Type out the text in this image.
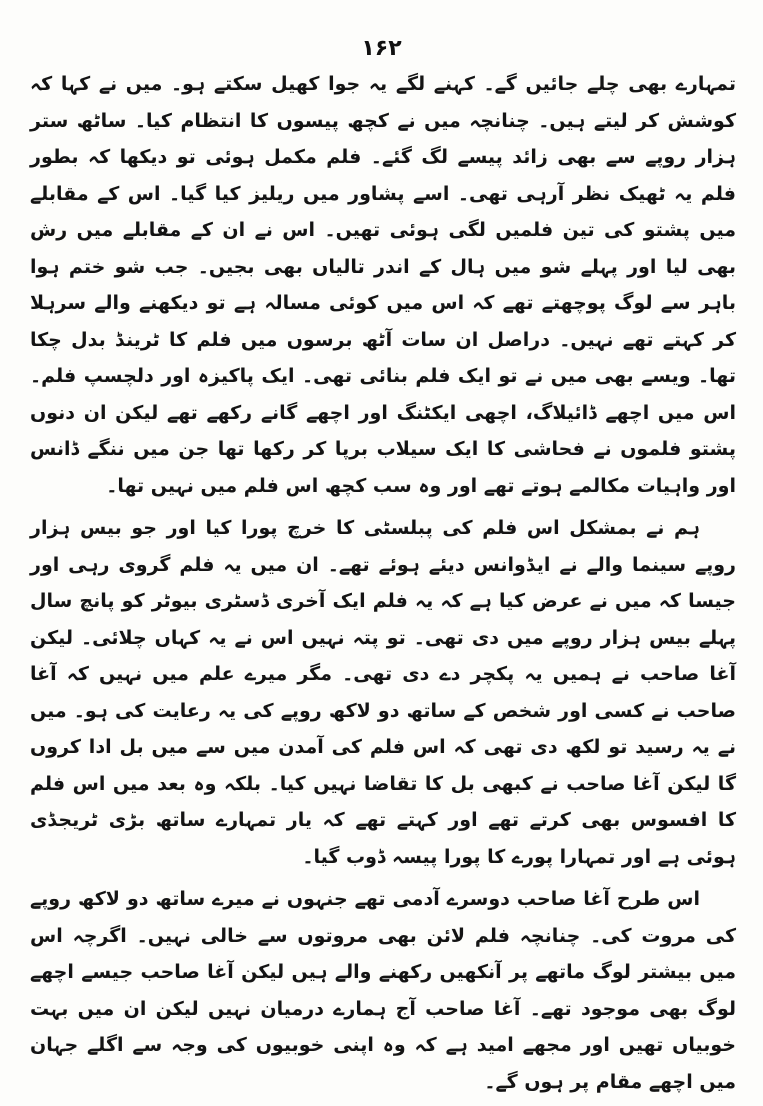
۱۶۲

تمہارے بھی چلے جائیں گے۔ کہنے لگے یہ جوا کھیل سکتے ہو۔ میں نے کہا کہ کوشش کر لیتے ہیں۔ چنانچہ میں نے کچھ پیسوں کا انتظام کیا۔ ساٹھ ستر ہزار روپے سے بھی زائد پیسے لگ گئے۔ فلم مکمل ہوئی تو دیکھا کہ بطور فلم یہ ٹھیک نظر آرہی تھی۔ اسے پشاور میں ریلیز کیا گیا۔ اس کے مقابلے میں پشتو کی تین فلمیں لگی ہوئی تھیں۔ اس نے ان کے مقابلے میں رش بھی لیا اور پہلے شو میں ہال کے اندر تالیاں بھی بجیں۔ جب شو ختم ہوا باہر سے لوگ پوچھتے تھے کہ اس میں کوئی مسالہ ہے تو دیکھنے والے سرہلا کر کہتے تھے نہیں۔ دراصل ان سات آٹھ برسوں میں فلم کا ٹرینڈ بدل چکا تھا۔ ویسے بھی میں نے تو ایک فلم بنائی تھی۔ ایک پاکیزہ اور دلچسپ فلم۔ اس میں اچھے ڈائیلاگ، اچھی ایکٹنگ اور اچھے گانے رکھے تھے لیکن ان دنوں پشتو فلموں نے فحاشی کا ایک سیلاب برپا کر رکھا تھا جن میں ننگے ڈانس اور واہیات مکالمے ہوتے تھے اور وہ سب کچھ اس فلم میں نہیں تھا۔

ہم نے بمشکل اس فلم کی پبلسٹی کا خرچ پورا کیا اور جو بیس ہزار روپے سینما والے نے ایڈوانس دیئے ہوئے تھے۔ ان میں یہ فلم گروی رہی اور جیسا کہ میں نے عرض کیا ہے کہ یہ فلم ایک آخری ڈسٹری بیوٹر کو پانچ سال پہلے بیس ہزار روپے میں دی تھی۔ تو پتہ نہیں اس نے یہ کہاں چلائی۔ لیکن آغا صاحب نے ہمیں یہ پکچر دے دی تھی۔ مگر میرے علم میں نہیں کہ آغا صاحب نے کسی اور شخص کے ساتھ دو لاکھ روپے کی یہ رعایت کی ہو۔ میں نے یہ رسید تو لکھ دی تھی کہ اس فلم کی آمدن میں سے میں بل ادا کروں گا لیکن آغا صاحب نے کبھی بل کا تقاضا نہیں کیا۔ بلکہ وہ بعد میں اس فلم کا افسوس بھی کرتے تھے اور کہتے تھے کہ یار تمہارے ساتھ بڑی ٹریجڈی ہوئی ہے اور تمہارا پورے کا پورا پیسہ ڈوب گیا۔

اس طرح آغا صاحب دوسرے آدمی تھے جنہوں نے میرے ساتھ دو لاکھ روپے کی مروت کی۔ چنانچہ فلم لائن بھی مروتوں سے خالی نہیں۔ اگرچہ اس میں بیشتر لوگ ماتھے پر آنکھیں رکھنے والے ہیں لیکن آغا صاحب جیسے اچھے لوگ بھی موجود تھے۔ آغا صاحب آج ہمارے درمیان نہیں لیکن ان میں بہت خوبیاں تھیں اور مجھے امید ہے کہ وہ اپنی خوبیوں کی وجہ سے اگلے جہان میں اچھے مقام پر ہوں گے۔
